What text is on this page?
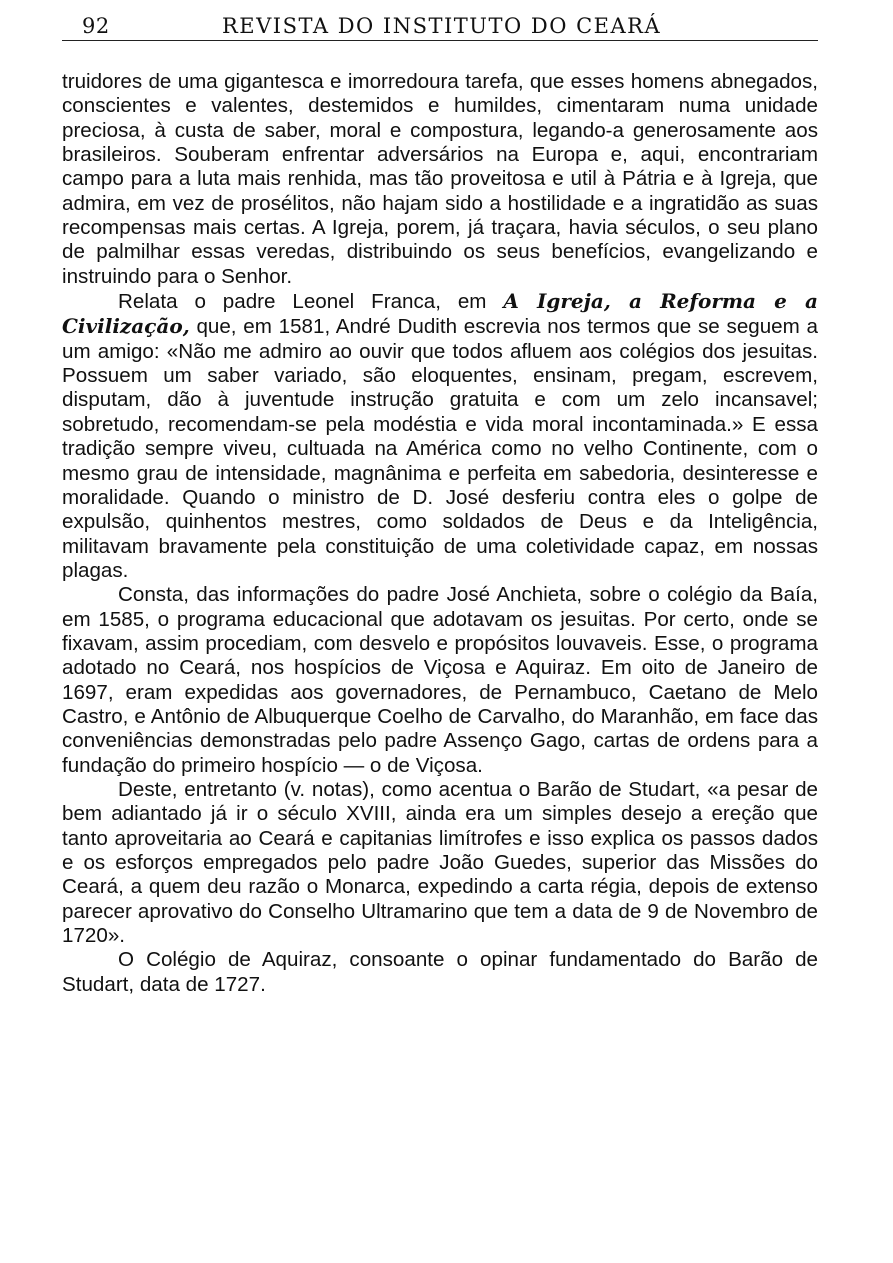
92	REVISTA DO INSTITUTO DO CEARÁ

truidores de uma gigantesca e imorredoura tarefa, que esses homens abnegados, conscientes e valentes, destemidos e humildes, cimentaram numa unidade preciosa, à custa de saber, moral e compostura, legando-a generosamente aos brasileiros. Souberam enfrentar adversários na Europa e, aqui, encontrariam campo para a luta mais renhida, mas tão proveitosa e util à Pátria e à Igreja, que admira, em vez de prosélitos, não hajam sido a hostilidade e a ingratidão as suas recompensas mais certas. A Igreja, porem, já traçara, havia séculos, o seu plano de palmilhar essas veredas, distribuindo os seus benefícios, evangelizando e instruindo para o Senhor.

Relata o padre Leonel Franca, em A Igreja, a Reforma e a Civilização, que, em 1581, André Dudith escrevia nos termos que se seguem a um amigo: «Não me admiro ao ouvir que todos afluem aos colégios dos jesuitas. Possuem um saber variado, são eloquentes, ensinam, pregam, escrevem, disputam, dão à juventude instrução gratuita e com um zelo incansavel; sobretudo, recomendam-se pela modéstia e vida moral incontaminada.» E essa tradição sempre viveu, cultuada na América como no velho Continente, com o mesmo grau de intensidade, magnânima e perfeita em sabedoria, desinteresse e moralidade. Quando o ministro de D. José desferiu contra eles o golpe de expulsão, quinhentos mestres, como soldados de Deus e da Inteligência, militavam bravamente pela constituição de uma coletividade capaz, em nossas plagas.

Consta, das informações do padre José Anchieta, sobre o colégio da Baía, em 1585, o programa educacional que adotavam os jesuitas. Por certo, onde se fixavam, assim procediam, com desvelo e propósitos louvaveis. Esse, o programa adotado no Ceará, nos hospícios de Viçosa e Aquiraz. Em oito de Janeiro de 1697, eram expedidas aos governadores, de Pernambuco, Caetano de Melo Castro, e Antônio de Albuquerque Coelho de Carvalho, do Maranhão, em face das conveniências demonstradas pelo padre Assenço Gago, cartas de ordens para a fundação do primeiro hospício — o de Viçosa.

Deste, entretanto (v. notas), como acentua o Barão de Studart, «a pesar de bem adiantado já ir o século XVIII, ainda era um simples desejo a ereção que tanto aproveitaria ao Ceará e capitanias limítrofes e isso explica os passos dados e os esforços empregados pelo padre João Guedes, superior das Missões do Ceará, a quem deu razão o Monarca, expedindo a carta régia, depois de extenso parecer aprovativo do Conselho Ultramarino que tem a data de 9 de Novembro de 1720».

O Colégio de Aquiraz, consoante o opinar fundamentado do Barão de Studart, data de 1727.
